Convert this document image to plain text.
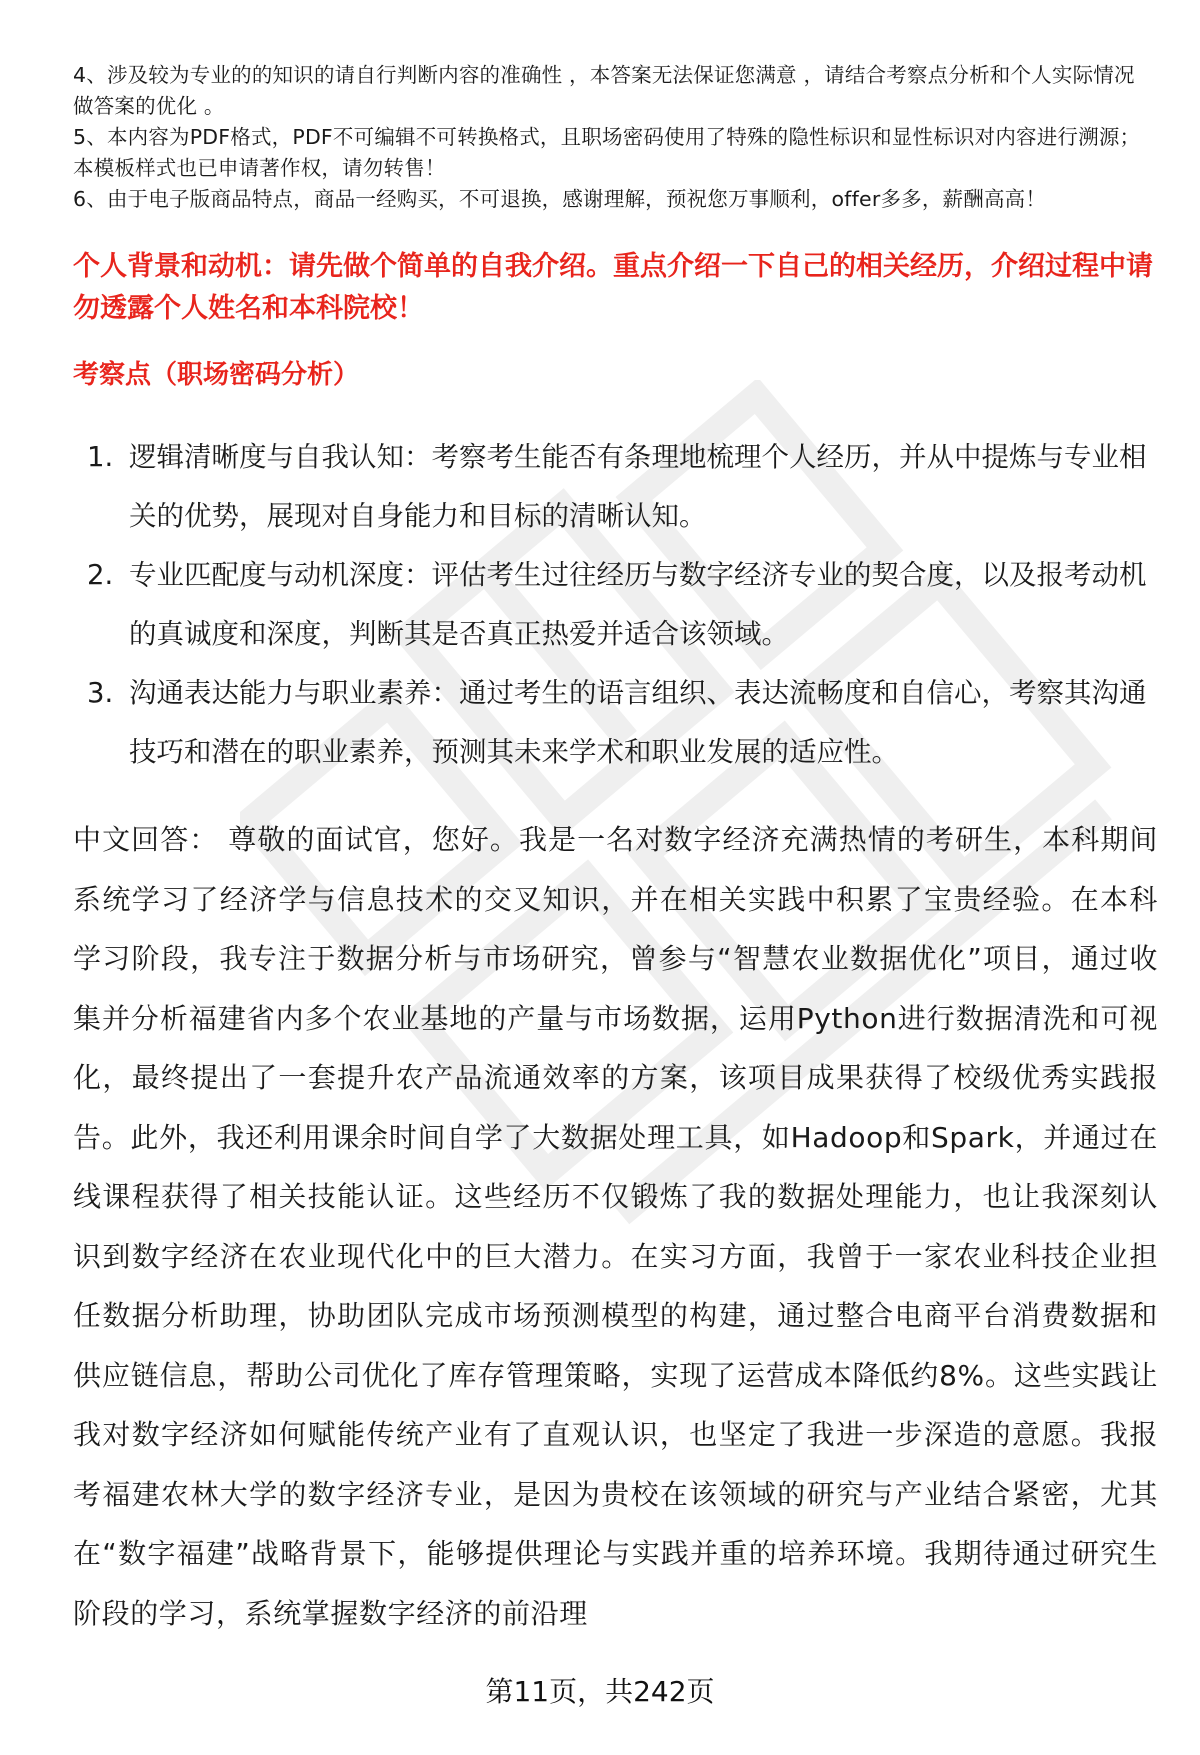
4、涉及较为专业的的知识的请自行判断内容的准确性 ，本答案无法保证您满意 ，请结合考察点分析和个人实际情况做答案的优化 。

5、本内容为PDF格式，PDF不可编辑不可转换格式，且职场密码使用了特殊的隐性标识和显性标识对内容进行溯源；本模板样式也已申请著作权，请勿转售！

6、由于电子版商品特点，商品一经购买，不可退换，感谢理解，预祝您万事顺利，offer多多，薪酬高高！

个人背景和动机：请先做个简单的自我介绍。重点介绍一下自己的相关经历，介绍过程中请勿透露个人姓名和本科院校！

考察点（职场密码分析）

1. 逻辑清晰度与自我认知：考察考生能否有条理地梳理个人经历，并从中提炼与专业相关的优势，展现对自身能力和目标的清晰认知。
2. 专业匹配度与动机深度：评估考生过往经历与数字经济专业的契合度，以及报考动机的真诚度和深度，判断其是否真正热爱并适合该领域。
3. 沟通表达能力与职业素养：通过考生的语言组织、表达流畅度和自信心，考察其沟通技巧和潜在的职业素养，预测其未来学术和职业发展的适应性。

中文回答： 尊敬的面试官，您好。我是一名对数字经济充满热情的考研生，本科期间系统学习了经济学与信息技术的交叉知识，并在相关实践中积累了宝贵经验。在本科学习阶段，我专注于数据分析与市场研究，曾参与“智慧农业数据优化”项目，通过收集并分析福建省内多个农业基地的产量与市场数据，运用Python进行数据清洗和可视化，最终提出了一套提升农产品流通效率的方案，该项目成果获得了校级优秀实践报告。此外，我还利用课余时间自学了大数据处理工具，如Hadoop和Spark，并通过在线课程获得了相关技能认证。这些经历不仅锻炼了我的数据处理能力，也让我深刻认识到数字经济在农业现代化中的巨大潜力。在实习方面，我曾于一家农业科技企业担任数据分析助理，协助团队完成市场预测模型的构建，通过整合电商平台消费数据和供应链信息，帮助公司优化了库存管理策略，实现了运营成本降低约8%。这些实践让我对数字经济如何赋能传统产业有了直观认识，也坚定了我进一步深造的意愿。我报考福建农林大学的数字经济专业，是因为贵校在该领域的研究与产业结合紧密，尤其在“数字福建”战略背景下，能够提供理论与实践并重的培养环境。我期待通过研究生阶段的学习，系统掌握数字经济的前沿理

第11页，共242页
